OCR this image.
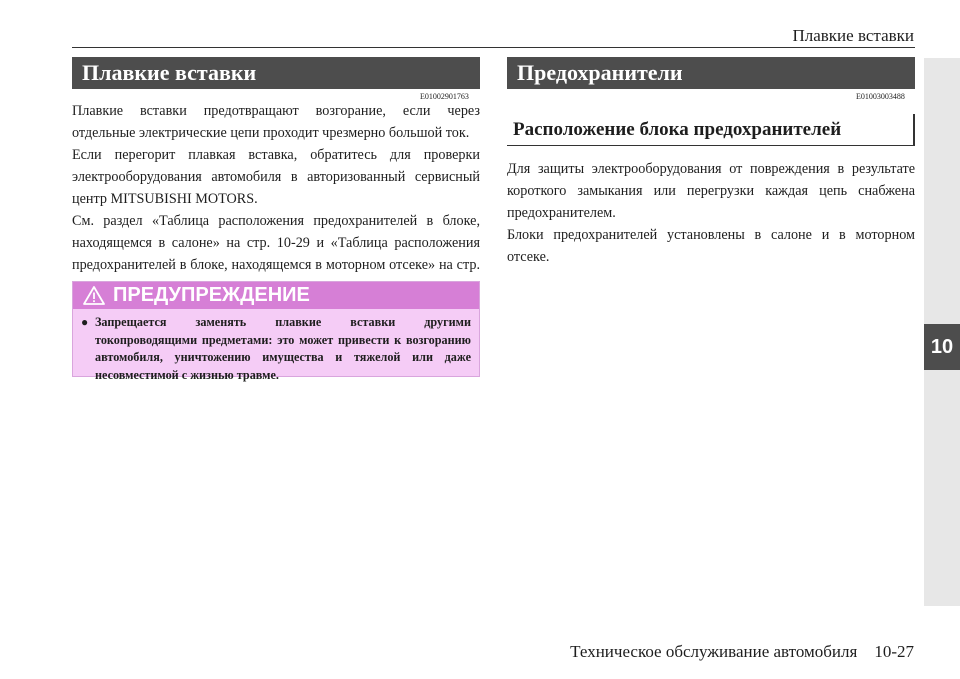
Плавкие вставки
10
Плавкие вставки
E01002901763

Плавкие вставки предотвращают возгорание, если через отдельные электрические цепи проходит чрезмерно большой ток.

Если перегорит плавкая вставка, обратитесь для проверки электрооборудования автомобиля в авторизованный сервисный центр MITSUBISHI MOTORS.

См. раздел «Таблица расположения предохранителей в блоке, находящемся в салоне» на стр. 10-29 и «Таблица расположения предохранителей в блоке, находящемся в моторном отсеке» на стр.

ПРЕДУПРЕЖДЕНИЕ
● Запрещается заменять плавкие вставки другими токопроводящими предметами: это может привести к возгоранию автомобиля, уничтожению имущества и тяжелой или даже несовместимой с жизнью травме.
Предохранители
E01003003488
Расположение блока предохранителей

Для защиты электрооборудования от повреждения в результате короткого замыкания или перегрузки каждая цепь снабжена предохранителем.

Блоки предохранителей установлены в салоне и в моторном отсеке.

Техническое обслуживание автомобиля    10-27
